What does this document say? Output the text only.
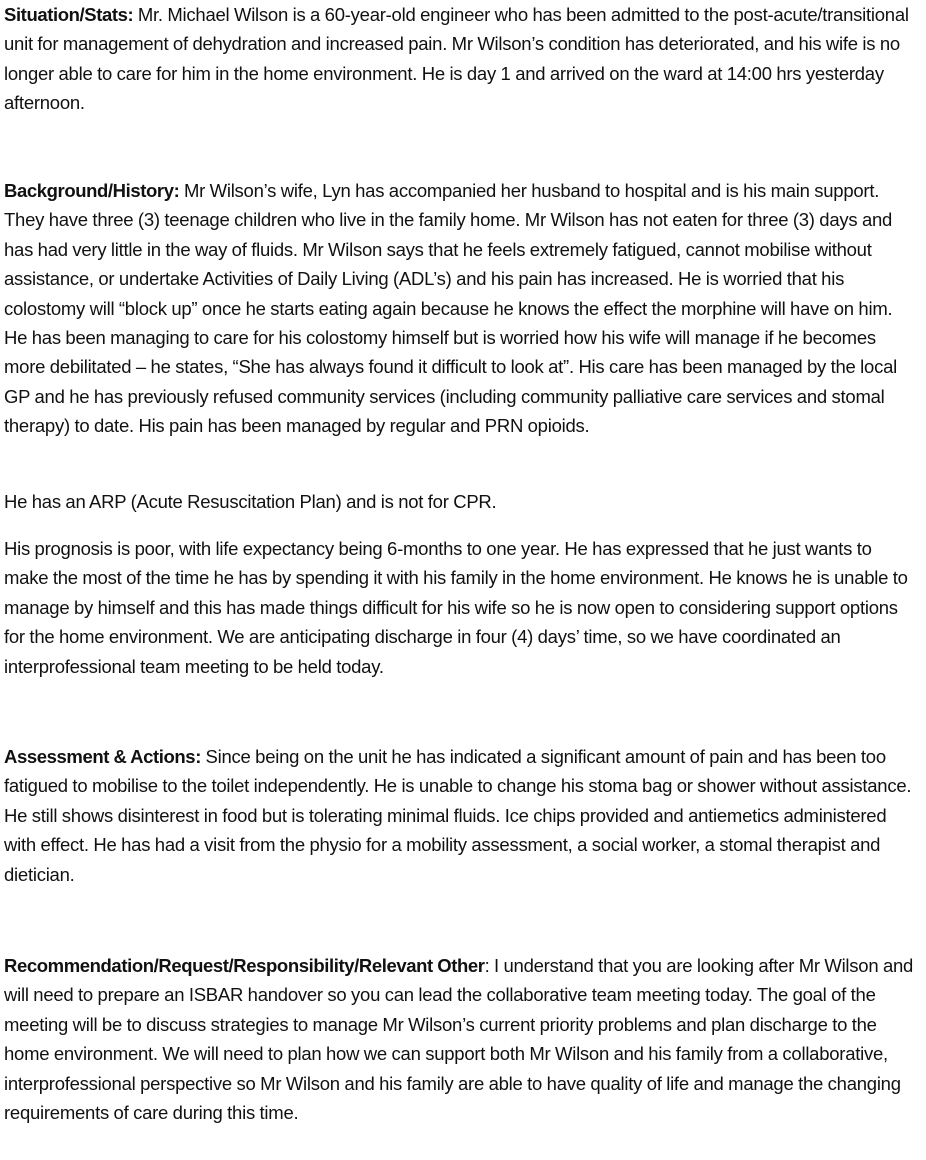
Situation/Stats: Mr. Michael Wilson is a 60-year-old engineer who has been admitted to the post-acute/transitional unit for management of dehydration and increased pain. Mr Wilson’s condition has deteriorated, and his wife is no longer able to care for him in the home environment. He is day 1 and arrived on the ward at 14:00 hrs yesterday afternoon.

Background/History: Mr Wilson’s wife, Lyn has accompanied her husband to hospital and is his main support. They have three (3) teenage children who live in the family home. Mr Wilson has not eaten for three (3) days and has had very little in the way of fluids. Mr Wilson says that he feels extremely fatigued, cannot mobilise without assistance, or undertake Activities of Daily Living (ADL’s) and his pain has increased. He is worried that his colostomy will “block up” once he starts eating again because he knows the effect the morphine will have on him. He has been managing to care for his colostomy himself but is worried how his wife will manage if he becomes more debilitated – he states, “She has always found it difficult to look at”. His care has been managed by the local GP and he has previously refused community services (including community palliative care services and stomal therapy) to date. His pain has been managed by regular and PRN opioids.

He has an ARP (Acute Resuscitation Plan) and is not for CPR.

His prognosis is poor, with life expectancy being 6-months to one year. He has expressed that he just wants to make the most of the time he has by spending it with his family in the home environment. He knows he is unable to manage by himself and this has made things difficult for his wife so he is now open to considering support options for the home environment. We are anticipating discharge in four (4) days’ time, so we have coordinated an interprofessional team meeting to be held today.

Assessment & Actions: Since being on the unit he has indicated a significant amount of pain and has been too fatigued to mobilise to the toilet independently. He is unable to change his stoma bag or shower without assistance. He still shows disinterest in food but is tolerating minimal fluids. Ice chips provided and antiemetics administered with effect. He has had a visit from the physio for a mobility assessment, a social worker, a stomal therapist and dietician.

Recommendation/Request/Responsibility/Relevant Other: I understand that you are looking after Mr Wilson and will need to prepare an ISBAR handover so you can lead the collaborative team meeting today. The goal of the meeting will be to discuss strategies to manage Mr Wilson’s current priority problems and plan discharge to the home environment. We will need to plan how we can support both Mr Wilson and his family from a collaborative, interprofessional perspective so Mr Wilson and his family are able to have quality of life and manage the changing requirements of care during this time.
